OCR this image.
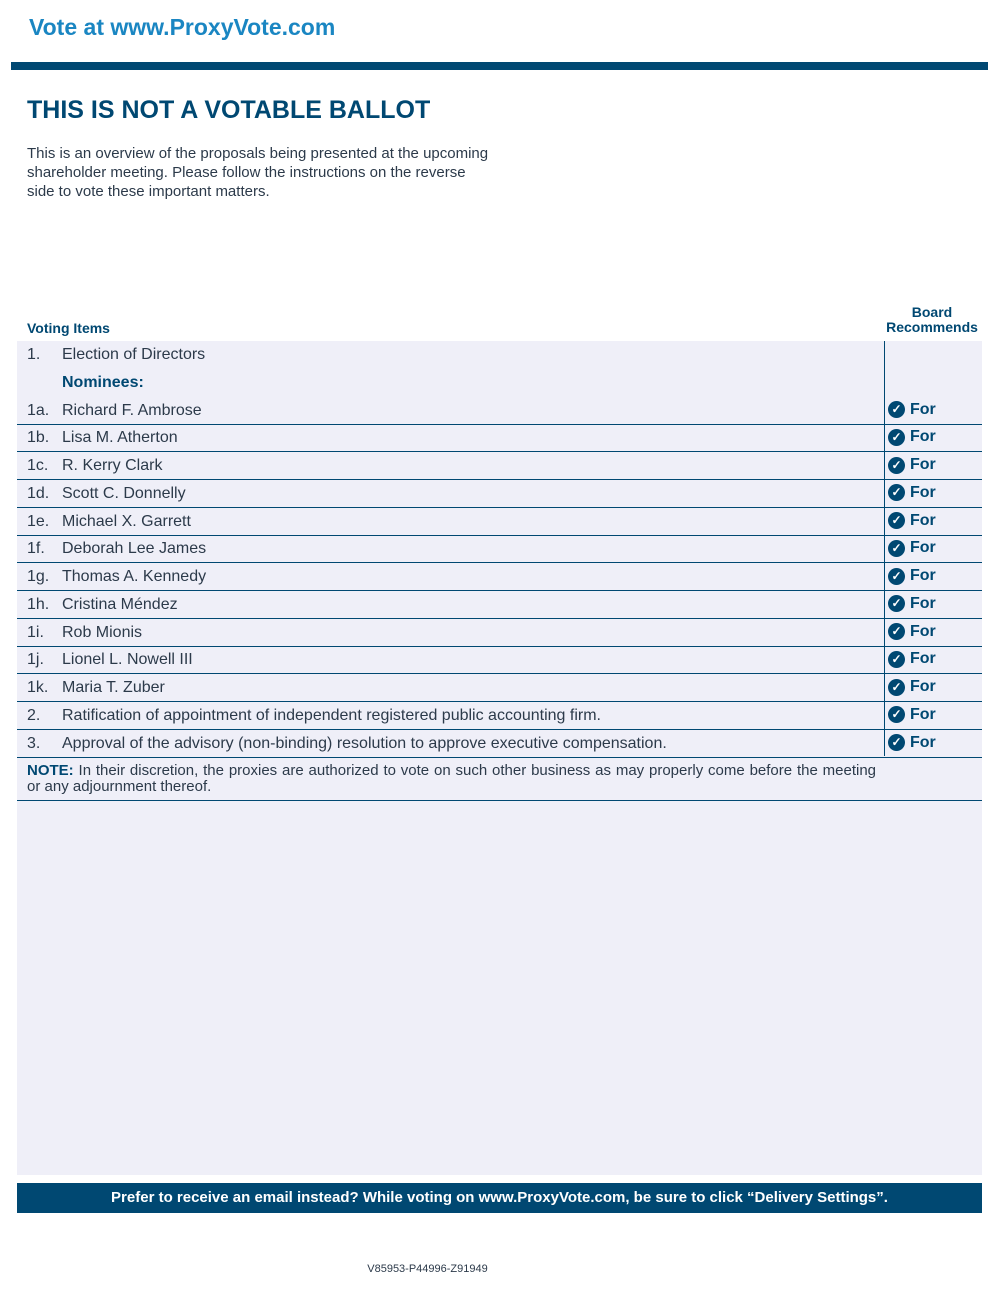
Vote at www.ProxyVote.com
THIS IS NOT A VOTABLE BALLOT

This is an overview of the proposals being presented at the upcoming shareholder meeting. Please follow the instructions on the reverse side to vote these important matters.

Voting Items
Board
Recommends
1. Election of Directors
Nominees:
1a. Richard F. Ambrose	✓ For
1b. Lisa M. Atherton	✓ For
1c. R. Kerry Clark	✓ For
1d. Scott C. Donnelly	✓ For
1e. Michael X. Garrett	✓ For
1f. Deborah Lee James	✓ For
1g. Thomas A. Kennedy	✓ For
1h. Cristina Méndez	✓ For
1i. Rob Mionis	✓ For
1j. Lionel L. Nowell III	✓ For
1k. Maria T. Zuber	✓ For
2. Ratification of appointment of independent registered public accounting firm.	✓ For
3. Approval of the advisory (non-binding) resolution to approve executive compensation.	✓ For
NOTE: In their discretion, the proxies are authorized to vote on such other business as may properly come before the meeting or any adjournment thereof.
Prefer to receive an email instead? While voting on www.ProxyVote.com, be sure to click “Delivery Settings”.
V85953-P44996-Z91949
